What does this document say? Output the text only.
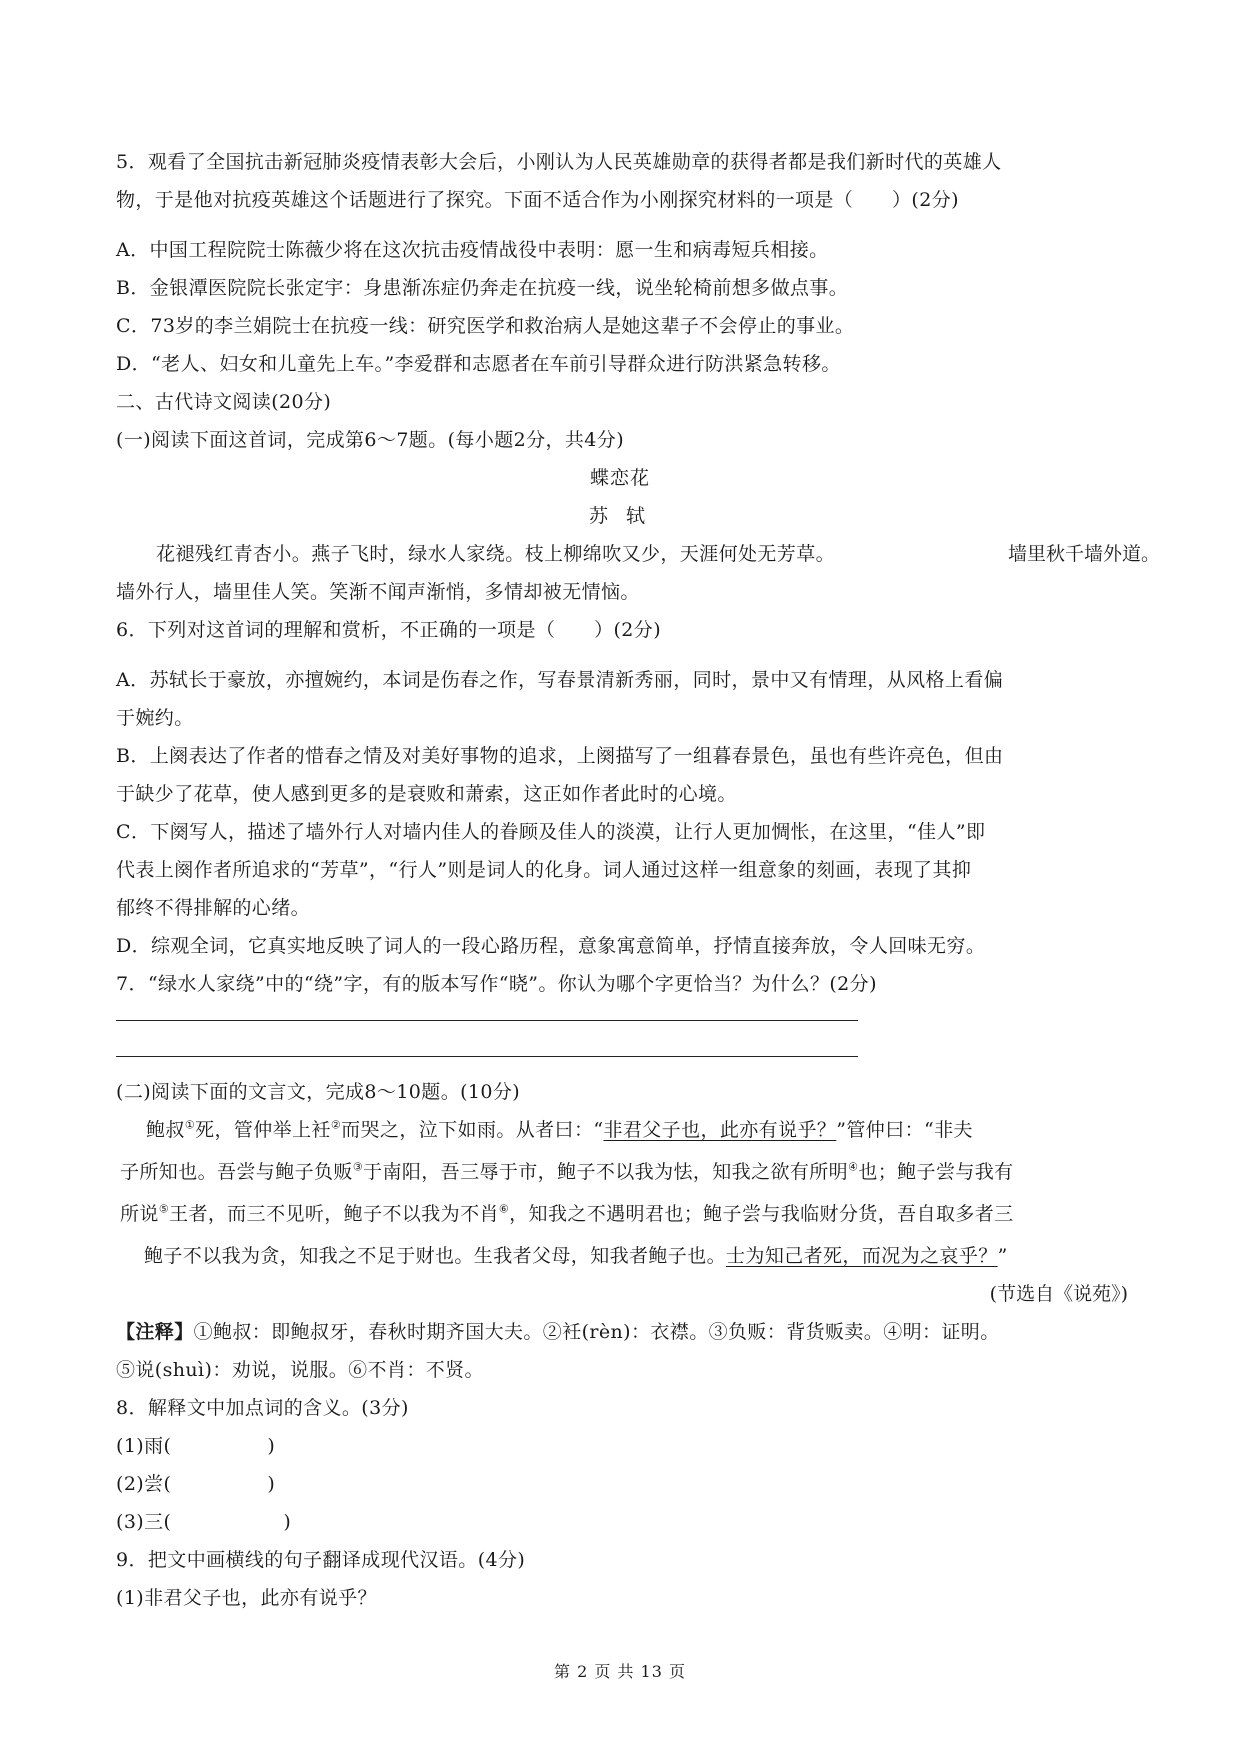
5．观看了全国抗击新冠肺炎疫情表彰大会后，小刚认为人民英雄勋章的获得者都是我们新时代的英雄人
物，于是他对抗疫英雄这个话题进行了探究。下面不适合作为小刚探究材料的一项是（　　）(2分)
A．中国工程院院士陈薇少将在这次抗击疫情战役中表明：愿一生和病毒短兵相接。
B．金银潭医院院长张定宇：身患渐冻症仍奔走在抗疫一线，说坐轮椅前想多做点事。
C．73岁的李兰娟院士在抗疫一线：研究医学和救治病人是她这辈子不会停止的事业。
D．“老人、妇女和儿童先上车。”李爱群和志愿者在车前引导群众进行防洪紧急转移。
二、古代诗文阅读(20分)
(一)阅读下面这首词，完成第6～7题。(每小题2分，共4分)
蝶恋花
苏 轼
花褪残红青杏小。燕子飞时，绿水人家绕。枝上柳绵吹又少，天涯何处无芳草。	墙里秋千墙外道。
墙外行人，墙里佳人笑。笑渐不闻声渐悄，多情却被无情恼。
6．下列对这首词的理解和赏析，不正确的一项是（　　）(2分)
A．苏轼长于豪放，亦擅婉约，本词是伤春之作，写春景清新秀丽，同时，景中又有情理，从风格上看偏
于婉约。
B．上阕表达了作者的惜春之情及对美好事物的追求，上阕描写了一组暮春景色，虽也有些许亮色，但由
于缺少了花草，使人感到更多的是衰败和萧索，这正如作者此时的心境。
C．下阕写人，描述了墙外行人对墙内佳人的眷顾及佳人的淡漠，让行人更加惆怅，在这里，“佳人”即
代表上阕作者所追求的“芳草”，“行人”则是词人的化身。词人通过这样一组意象的刻画，表现了其抑
郁终不得排解的心绪。
D．综观全词，它真实地反映了词人的一段心路历程，意象寓意简单，抒情直接奔放，令人回味无穷。
7．“绿水人家绕”中的“绕”字，有的版本写作“晓”。你认为哪个字更恰当？为什么？(2分)
(二)阅读下面的文言文，完成8～10题。(10分)
鲍叔①死，管仲举上衽②而哭之，泣下如雨。从者曰：“非君父子也，此亦有说乎？”管仲曰：“非夫
子所知也。吾尝与鲍子负贩③于南阳，吾三辱于市，鲍子不以我为怯，知我之欲有所明④也；鲍子尝与我有
所说⑤王者，而三不见听，鲍子不以我为不肖⑥，知我之不遇明君也；鲍子尝与我临财分货，吾自取多者三
鲍子不以我为贪，知我之不足于财也。生我者父母，知我者鲍子也。士为知己者死，而况为之哀乎？”
(节选自《说苑》)
【注释】①鲍叔：即鲍叔牙，春秋时期齐国大夫。②衽(rèn)：衣襟。③负贩：背货贩卖。④明：证明。
⑤说(shuì)：劝说，说服。⑥不肖：不贤。
8．解释文中加点词的含义。(3分)
(1)雨(	)
(2)尝(	)
(3)三(	)
9．把文中画横线的句子翻译成现代汉语。(4分)
(1)非君父子也，此亦有说乎？
第 2 页 共 13 页
